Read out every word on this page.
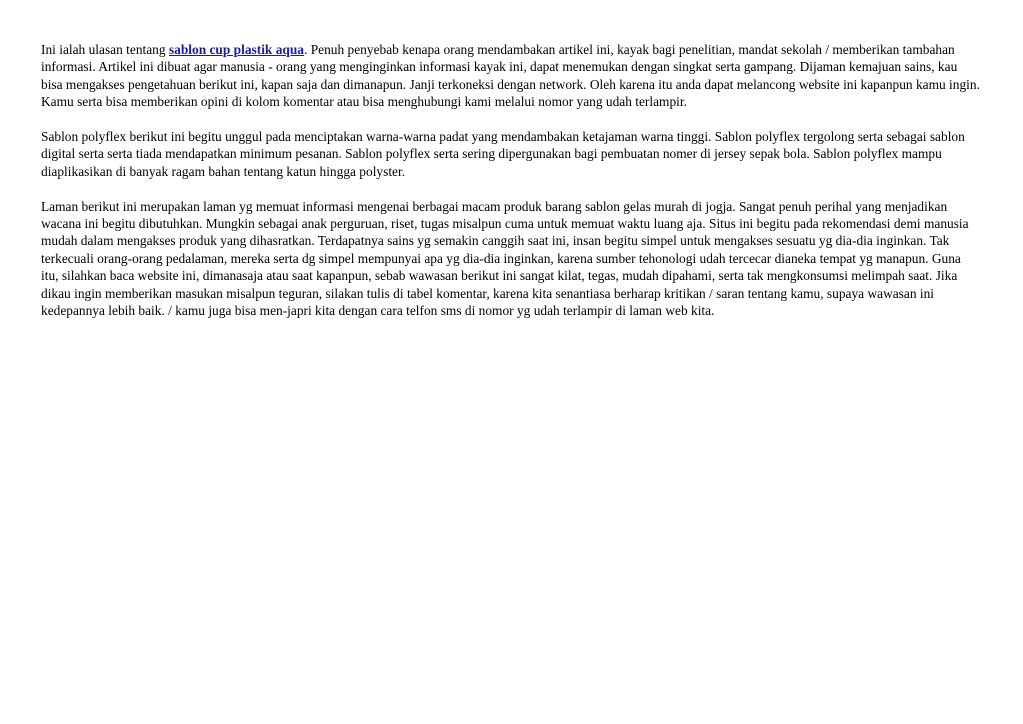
Ini ialah ulasan tentang sablon cup plastik aqua. Penuh penyebab kenapa orang mendambakan artikel ini, kayak bagi penelitian, mandat sekolah / memberikan tambahan informasi. Artikel ini dibuat agar manusia - orang yang menginginkan informasi kayak ini, dapat menemukan dengan singkat serta gampang. Dijaman kemajuan sains, kau bisa mengakses pengetahuan berikut ini, kapan saja dan dimanapun. Janji terkoneksi dengan network. Oleh karena itu anda dapat melancong website ini kapanpun kamu ingin. Kamu serta bisa memberikan opini di kolom komentar atau bisa menghubungi kami melalui nomor yang udah terlampir.

Sablon polyflex berikut ini begitu unggul pada menciptakan warna-warna padat yang mendambakan ketajaman warna tinggi. Sablon polyflex tergolong serta sebagai sablon digital serta serta tiada mendapatkan minimum pesanan. Sablon polyflex serta sering dipergunakan bagi pembuatan nomer di jersey sepak bola. Sablon polyflex mampu diaplikasikan di banyak ragam bahan tentang katun hingga polyster.

Laman berikut ini merupakan laman yg memuat informasi mengenai berbagai macam produk barang sablon gelas murah di jogja. Sangat penuh perihal yang menjadikan wacana ini begitu dibutuhkan. Mungkin sebagai anak perguruan, riset, tugas misalpun cuma untuk memuat waktu luang aja. Situs ini begitu pada rekomendasi demi manusia mudah dalam mengakses produk yang dihasratkan. Terdapatnya sains yg semakin canggih saat ini, insan begitu simpel untuk mengakses sesuatu yg dia-dia inginkan. Tak terkecuali orang-orang pedalaman, mereka serta dg simpel mempunyai apa yg dia-dia inginkan, karena sumber tehonologi udah tercecar dianeka tempat yg manapun. Guna itu, silahkan baca website ini, dimanasaja atau saat kapanpun, sebab wawasan berikut ini sangat kilat, tegas, mudah dipahami, serta tak mengkonsumsi melimpah saat. Jika dikau ingin memberikan masukan misalpun teguran, silakan tulis di tabel komentar, karena kita senantiasa berharap kritikan / saran tentang kamu, supaya wawasan ini kedepannya lebih baik. / kamu juga bisa men-japri kita dengan cara telfon sms di nomor yg udah terlampir di laman web kita.
